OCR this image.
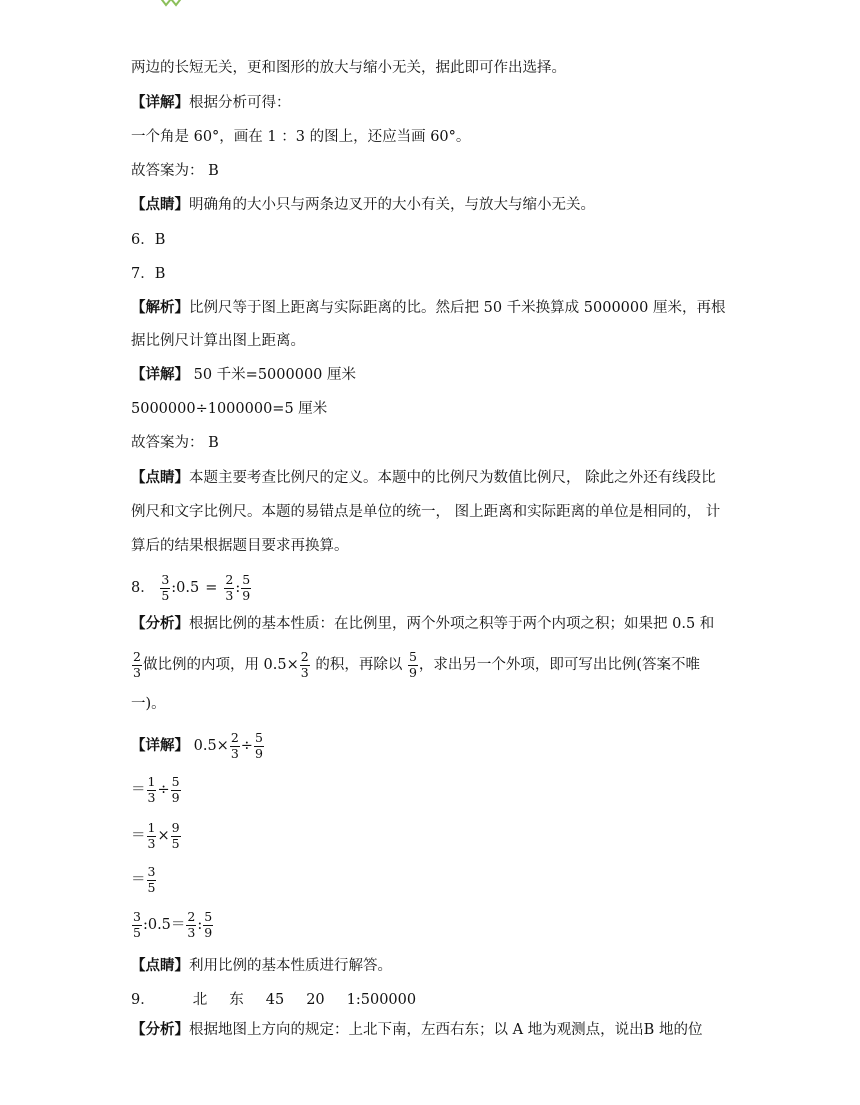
两边的长短无关，更和图形的放大与缩小无关，据此即可作出选择。
【详解】根据分析可得：
一个角是 60°，画在 1 ：3 的图上，还应当画 60°。
故答案为： B
【点睛】明确角的大小只与两条边叉开的大小有关，与放大与缩小无关。
6．B
7．B
【解析】比例尺等于图上距离与实际距离的比。然后把 50 千米换算成 5000000 厘米，再根
据比例尺计算出图上距离。
【详解】 50 千米=5000000 厘米
5000000÷1000000=5 厘米
故答案为： B
【点睛】本题主要考查比例尺的定义。本题中的比例尺为数值比例尺， 除此之外还有线段比
例尺和文字比例尺。本题的易错点是单位的统一， 图上距离和实际距离的单位是相同的， 计
算后的结果根据题目要求再换算。
8． $\frac{3}{5}$ :0.5 = $\frac{2}{3}$ : $\frac{5}{9}$
【分析】根据比例的基本性质：在比例里，两个外项之积等于两个内项之积；如果把 0.5 和
$\frac{2}{3}$ 做比例的内项，用 $0.5\times \frac{2}{3}$ 的积，再除以 $\frac{5}{9}$ ，求出另一个外项，即可写出比例(答案不唯
一)。
【详解】 $0.5\times \frac{2}{3} \div \frac{5}{9}$
＝ $\frac{1}{3} \div \frac{5}{9}$
＝ $\frac{1}{3} \times \frac{9}{5}$
＝ $\frac{3}{5}$
$\frac{3}{5}$ :0.5＝ $\frac{2}{3}$ : $\frac{5}{9}$
【点睛】利用比例的基本性质进行解答。
9．	北 东 45 20 1:500000
【分析】根据地图上方向的规定：上北下南，左西右东；以 A 地为观测点，说出B 地的位
